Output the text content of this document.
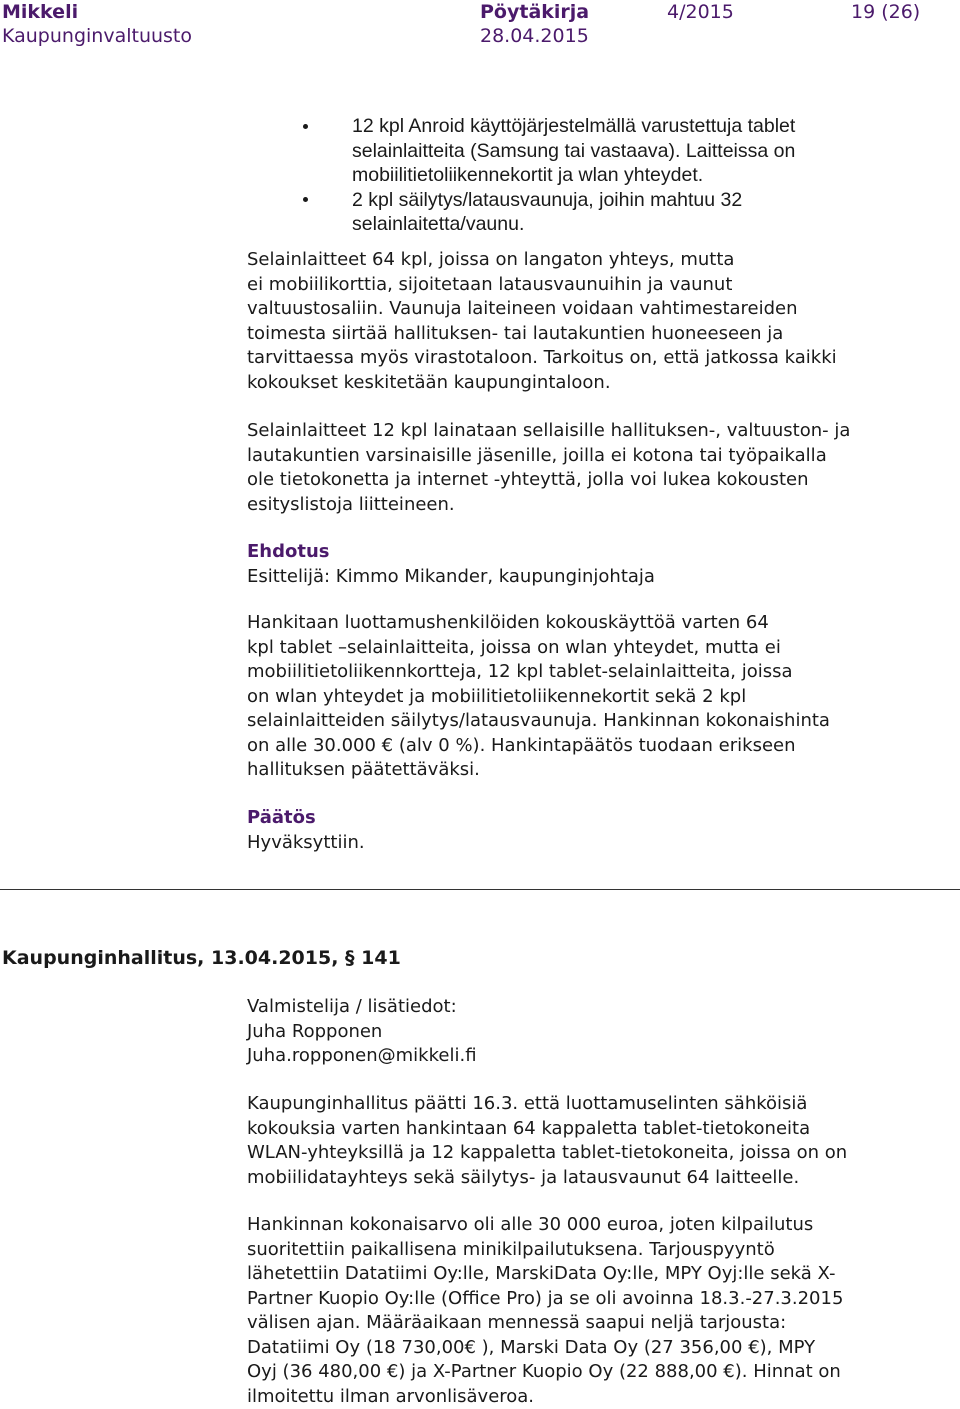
Mikkeli	Pöytäkirja	4/2015	19 (26)
Kaupunginvaltuusto	28.04.2015
12 kpl Anroid käyttöjärjestelmällä varustettuja tablet
selainlaitteita (Samsung tai vastaava). Laitteissa on
mobiilitietoliikennekortit ja wlan yhteydet.
2 kpl säilytys/latausvaunuja, joihin mahtuu 32
selainlaitetta/vaunu.
Selainlaitteet 64 kpl, joissa on langaton yhteys, mutta
ei mobiilikorttia, sijoitetaan latausvaunuihin ja vaunut
valtuustosaliin. Vaunuja laiteineen voidaan vahtimestareiden
toimesta siirtää hallituksen- tai lautakuntien huoneeseen ja
tarvittaessa myös virastotaloon. Tarkoitus on, että jatkossa kaikki
kokoukset keskitetään kaupungintaloon.
Selainlaitteet 12 kpl lainataan sellaisille hallituksen-, valtuuston- ja
lautakuntien varsinaisille jäsenille, joilla ei kotona tai työpaikalla
ole tietokonetta ja internet -yhteyttä, jolla voi lukea kokousten
esityslistoja liitteineen.
Ehdotus
Esittelijä: Kimmo Mikander, kaupunginjohtaja
Hankitaan luottamushenkilöiden kokouskäyttöä varten 64
kpl tablet –selainlaitteita, joissa on wlan yhteydet, mutta ei
mobiilitietoliikennkortteja, 12 kpl tablet-selainlaitteita, joissa
on wlan yhteydet ja mobiilitietoliikennekortit sekä 2 kpl
selainlaitteiden säilytys/latausvaunuja. Hankinnan kokonaishinta
on alle 30.000 € (alv 0 %). Hankintapäätös tuodaan erikseen
hallituksen päätettäväksi.
Päätös
Hyväksyttiin.
Kaupunginhallitus, 13.04.2015, § 141
Valmistelija / lisätiedot:
Juha Ropponen
Juha.ropponen@mikkeli.fi
Kaupunginhallitus päätti 16.3. että luottamuselinten sähköisiä
kokouksia varten hankintaan 64 kappaletta tablet-tietokoneita
WLAN-yhteyksillä ja 12 kappaletta tablet-tietokoneita, joissa on on
mobiilidatayhteys sekä säilytys- ja latausvaunut 64 laitteelle.
Hankinnan kokonaisarvo oli alle 30 000 euroa, joten kilpailutus
suoritettiin paikallisena minikilpailutuksena. Tarjouspyyntö
lähetettiin Datatiimi Oy:lle, MarskiData Oy:lle, MPY Oyj:lle sekä X-
Partner Kuopio Oy:lle (Office Pro) ja se oli avoinna 18.3.-27.3.2015
välisen ajan. Määräaikaan mennessä saapui neljä tarjousta:
Datatiimi Oy (18 730,00€ ), Marski Data Oy (27 356,00 €), MPY
Oyj (36 480,00 €) ja X-Partner Kuopio Oy (22 888,00 €). Hinnat on
ilmoitettu ilman arvonlisäveroa.
